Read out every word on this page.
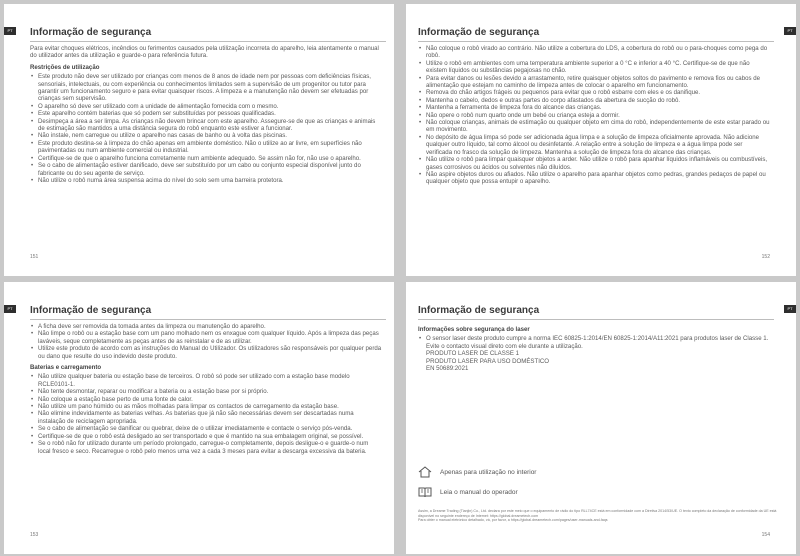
PT	Informação de segurança

Para evitar choques elétricos, incêndios ou ferimentos causados pela utilização incorreta do aparelho, leia atentamente o manual do utilizador antes da utilização e guarde-o para referência futura.

Restrições de utilização
• Este produto não deve ser utilizado por crianças com menos de 8 anos de idade nem por pessoas com deficiências físicas, sensoriais, intelectuais, ou com experiência ou conhecimentos limitados sem a supervisão de um progenitor ou tutor para garantir um funcionamento seguro e para evitar quaisquer riscos. A limpeza e a manutenção não devem ser efetuadas por crianças sem supervisão.
• O aparelho só deve ser utilizado com a unidade de alimentação fornecida com o mesmo.
• Este aparelho contém baterias que só podem ser substituídas por pessoas qualificadas.
• Desimpeça a área a ser limpa. As crianças não devem brincar com este aparelho. Assegure-se de que as crianças e animais de estimação são mantidos a uma distância segura do robô enquanto este estiver a funcionar.
• Não instale, nem carregue ou utilize o aparelho nas casas de banho ou à volta das piscinas.
• Este produto destina-se à limpeza do chão apenas em ambiente doméstico. Não o utilize ao ar livre, em superfícies não pavimentadas ou num ambiente comercial ou industrial.
• Certifique-se de que o aparelho funciona corretamente num ambiente adequado. Se assim não for, não use o aparelho.
• Se o cabo de alimentação estiver danificado, deve ser substituído por um cabo ou conjunto especial disponível junto do fabricante ou do seu agente de serviço.
• Não utilize o robô numa área suspensa acima do nível do solo sem uma barreira protetora.
151
PT
Informação de segurança
• Não coloque o robô virado ao contrário. Não utilize a cobertura do LDS, a cobertura do robô ou o para-choques como pega do robô.
• Utilize o robô em ambientes com uma temperatura ambiente superior a 0 °C e inferior a 40 °C. Certifique-se de que não existem líquidos ou substâncias pegajosas no chão.
• Para evitar danos ou lesões devido a arrastamento, retire quaisquer objetos soltos do pavimento e remova fios ou cabos de alimentação que estejam no caminho de limpeza antes de colocar o aparelho em funcionamento.
• Remova do chão artigos frágeis ou pequenos para evitar que o robô esbarre com eles e os danifique.
• Mantenha o cabelo, dedos e outras partes do corpo afastados da abertura de sucção do robô.
• Mantenha a ferramenta de limpeza fora do alcance das crianças.
• Não opere o robô num quarto onde um bebé ou criança esteja a dormir.
• Não coloque crianças, animais de estimação ou qualquer objeto em cima do robô, independentemente de este estar parado ou em movimento.
• No depósito de água limpa só pode ser adicionada água limpa e a solução de limpeza oficialmente aprovada. Não adicione qualquer outro líquido, tal como álcool ou desinfetante. A relação entre a solução de limpeza e a água limpa pode ser verificada no frasco da solução de limpeza. Mantenha a solução de limpeza fora do alcance das crianças.
• Não utilize o robô para limpar quaisquer objetos a arder. Não utilize o robô para apanhar líquidos inflamáveis ou combustíveis, gases corrosivos ou ácidos ou solventes não diluídos.
• Não aspire objetos duros ou afiados. Não utilize o aparelho para apanhar objetos como pedras, grandes pedaços de papel ou qualquer objeto que possa entupir o aparelho.
152
PT	Informação de segurança
• A ficha deve ser removida da tomada antes da limpeza ou manutenção do aparelho.
• Não limpe o robô ou a estação base com um pano molhado nem os enxague com qualquer líquido. Após a limpeza das peças laváveis, seque completamente as peças antes de as reinstalar e de as utilizar.
• Utilize este produto de acordo com as instruções do Manual do Utilizador. Os utilizadores são responsáveis por qualquer perda ou dano que resulte do uso indevido deste produto.
Baterias e carregamento
• Não utilize qualquer bateria ou estação base de terceiros. O robô só pode ser utilizado com a estação base modelo RCLE0101-1.
• Não tente desmontar, reparar ou modificar a bateria ou a estação base por si próprio.
• Não coloque a estação base perto de uma fonte de calor.
• Não utilize um pano húmido ou as mãos molhadas para limpar os contactos de carregamento da estação base.
• Não elimine indevidamente as baterias velhas. As baterias que já não são necessárias devem ser descartadas numa instalação de reciclagem apropriada.
• Se o cabo de alimentação se danificar ou quebrar, deixe de o utilizar imediatamente e contacte o serviço pós-venda.
• Certifique-se de que o robô está desligado ao ser transportado e que é mantido na sua embalagem original, se possível.
• Se o robô não for utilizado durante um período prolongado, carregue-o completamente, depois desligue-o e guarde-o num local fresco e seco. Recarregue o robô pelo menos uma vez a cada 3 meses para evitar a descarga excessiva da bateria.
153
PT
Informação de segurança
Informações sobre segurança do laser
• O sensor laser deste produto cumpre a norma IEC 60825-1:2014/EN 60825-1:2014/A11:2021 para produtos laser de Classe 1. Evite o contacto visual direto com ele durante a utilização.
PRODUTO LASER DE CLASSE 1
PRODUTO LASER PARA USO DOMÉSTICO
EN 50689:2021
Apenas para utilização no interior
Leia o manual do operador
Assim, a Dreame Trading (Tianjin) Co., Ltd. declara por este meio que o equipamento de rádio do tipo RLL74CE está em conformidade com a Diretiva 2014/53/UE. O texto completo da declaração de conformidade da UE está disponível no seguinte endereço de Internet: https://global.dreametech.com
Para obter o manual eletrónico detalhado, vá, por favor, a https://global.dreametech.com/pages/user-manuals-and-faqs
154
